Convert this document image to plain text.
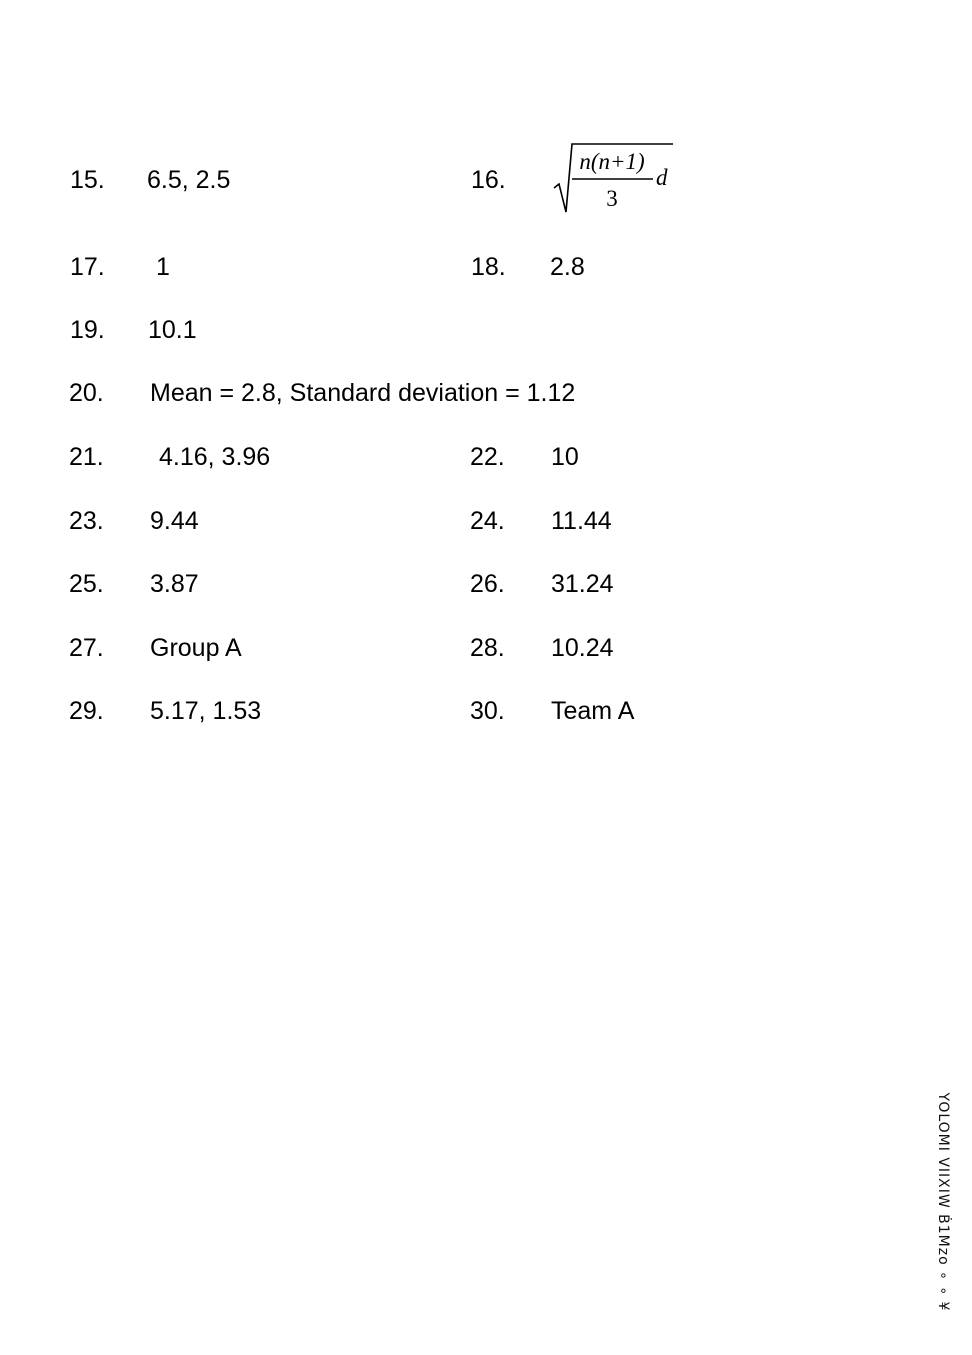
15. 6.5, 2.5	16.
n(n+1)
3
d
17. 1	18. 2.8
19. 10.1
20. Mean = 2.8, Standard deviation = 1.12
21. 4.16, 3.96	22. 10
23. 9.44	24. 11.44
25. 3.87	26. 31.24
27. Group A	28. 10.24
29. 5.17, 1.53	30. Team A
YOLOMI VIIXIW Ḃ1Mzo ∘ ∘ ¥
